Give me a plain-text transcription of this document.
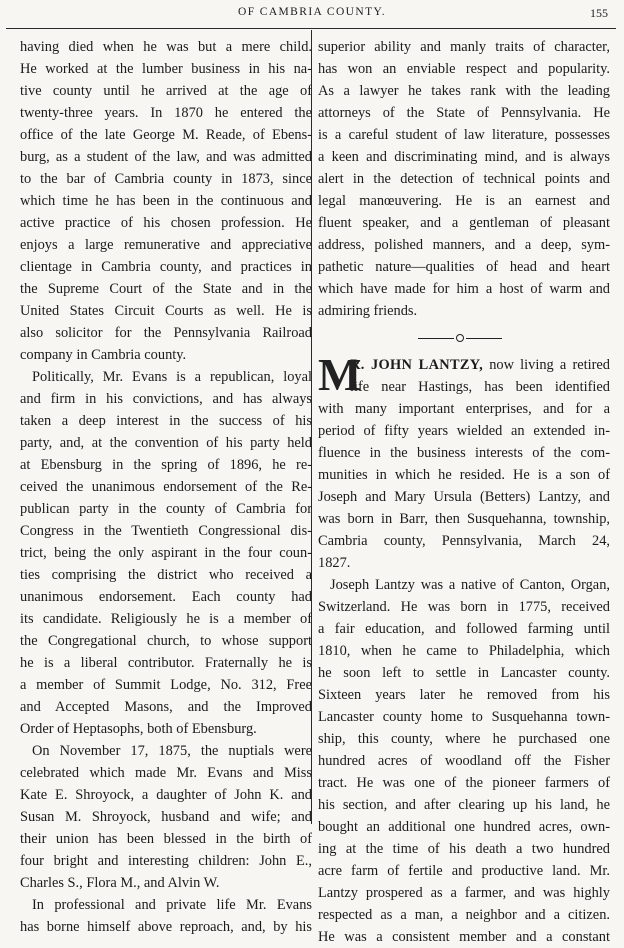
OF CAMBRIA COUNTY.	155
having died when he was but a mere child.
He worked at the lumber business in his na-
tive county until he arrived at the age of
twenty-three years. In 1870 he entered the
office of the late George M. Reade, of Ebens-
burg, as a student of the law, and was admitted
to the bar of Cambria county in 1873, since
which time he has been in the continuous and
active practice of his chosen profession. He
enjoys a large remunerative and appreciative
clientage in Cambria county, and practices in
the Supreme Court of the State and in the
United States Circuit Courts as well. He is
also solicitor for the Pennsylvania Railroad
company in Cambria county.
Politically, Mr. Evans is a republican, loyal
and firm in his convictions, and has always
taken a deep interest in the success of his
party, and, at the convention of his party held
at Ebensburg in the spring of 1896, he re-
ceived the unanimous endorsement of the Re-
publican party in the county of Cambria for
Congress in the Twentieth Congressional dis-
trict, being the only aspirant in the four coun-
ties comprising the district who received a
unanimous endorsement. Each county had
its candidate. Religiously he is a member of
the Congregational church, to whose support
he is a liberal contributor. Fraternally he is
a member of Summit Lodge, No. 312, Free
and Accepted Masons, and the Improved
Order of Heptasophs, both of Ebensburg.
On November 17, 1875, the nuptials were
celebrated which made Mr. Evans and Miss
Kate E. Shroyock, a daughter of John K. and
Susan M. Shroyock, husband and wife; and
their union has been blessed in the birth of
four bright and interesting children: John E.,
Charles S., Flora M., and Alvin W.
In professional and private life Mr. Evans
has borne himself above reproach, and, by his
superior ability and manly traits of character,
has won an enviable respect and popularity.
As a lawyer he takes rank with the leading
attorneys of the State of Pennsylvania. He
is a careful student of law literature, possesses
a keen and discriminating mind, and is always
alert in the detection of technical points and
legal manœuvering. He is an earnest and
fluent speaker, and a gentleman of pleasant
address, polished manners, and a deep, sym-
pathetic nature—qualities of head and heart
which have made for him a host of warm and
admiring friends.
M
R. JOHN LANTZY, now living a retired
life near Hastings, has been identified
with many important enterprises, and for a
period of fifty years wielded an extended in-
fluence in the business interests of the com-
munities in which he resided. He is a son of
Joseph and Mary Ursula (Betters) Lantzy, and
was born in Barr, then Susquehanna, township,
Cambria county, Pennsylvania, March 24,
1827.
Joseph Lantzy was a native of Canton, Organ,
Switzerland. He was born in 1775, received
a fair education, and followed farming until
1810, when he came to Philadelphia, which
he soon left to settle in Lancaster county.
Sixteen years later he removed from his
Lancaster county home to Susquehanna town-
ship, this county, where he purchased one
hundred acres of woodland off the Fisher
tract. He was one of the pioneer farmers of
his section, and after clearing up his land, he
bought an additional one hundred acres, own-
ing at the time of his death a two hundred
acre farm of fertile and productive land. Mr.
Lantzy prospered as a farmer, and was highly
respected as a man, a neighbor and a citizen.
He was a consistent member and a constant
